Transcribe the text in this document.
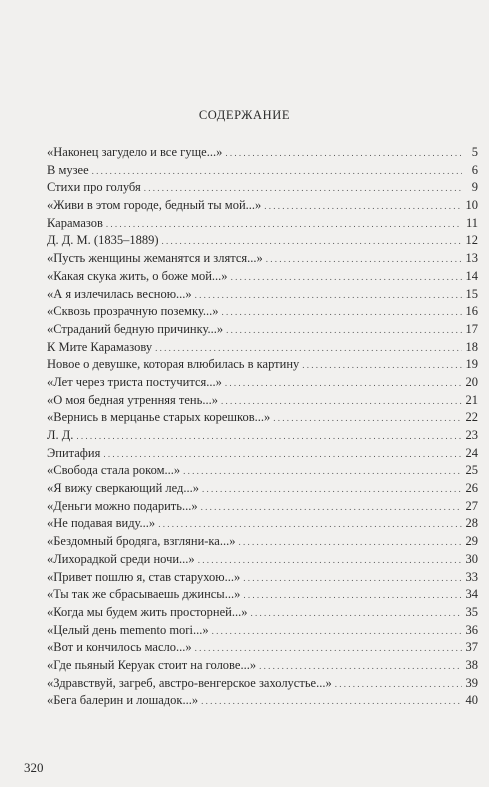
СОДЕРЖАНИЕ
«Наконец загудело и все гуще...» . . .	5
В музее . . .	6
Стихи про голубя . . .	9
«Живи в этом городе, бедный ты мой...» . . .	10
Карамазов . . .	11
Д. Д. М. (1835–1889) . . .	12
«Пусть женщины жеманятся и злятся...» . . .	13
«Какая скука жить, о боже мой...» . . .	14
«А я излечилась весною...» . . .	15
«Сквозь прозрачную поземку...» . . .	16
«Страданий бедную причинку...» . . .	17
К Мите Карамазову . . .	18
Новое о девушке, которая влюбилась в картину . . .	19
«Лет через триста постучится...» . . .	20
«О моя бедная утренняя тень...» . . .	21
«Вернись в мерцанье старых корешков...» . . .	22
Л. Д. . . .	23
Эпитафия . . .	24
«Свобода стала роком...» . . .	25
«Я вижу сверкающий лед...» . . .	26
«Деньги можно подарить...» . . .	27
«Не подавая виду...» . . .	28
«Бездомный бродяга, взгляни-ка...» . . .	29
«Лихорадкой среди ночи...» . . .	30
«Привет пошлю я, став старухою...» . . .	33
«Ты так же сбрасываешь джинсы...» . . .	34
«Когда мы будем жить просторней...» . . .	35
«Целый день memento mori...» . . .	36
«Вот и кончилось масло...» . . .	37
«Где пьяный Керуак стоит на голове...» . . .	38
«Здравствуй, загреб, австро-венгерское захолустье...» . . .	39
«Бега балерин и лошадок...» . . .	40
320
